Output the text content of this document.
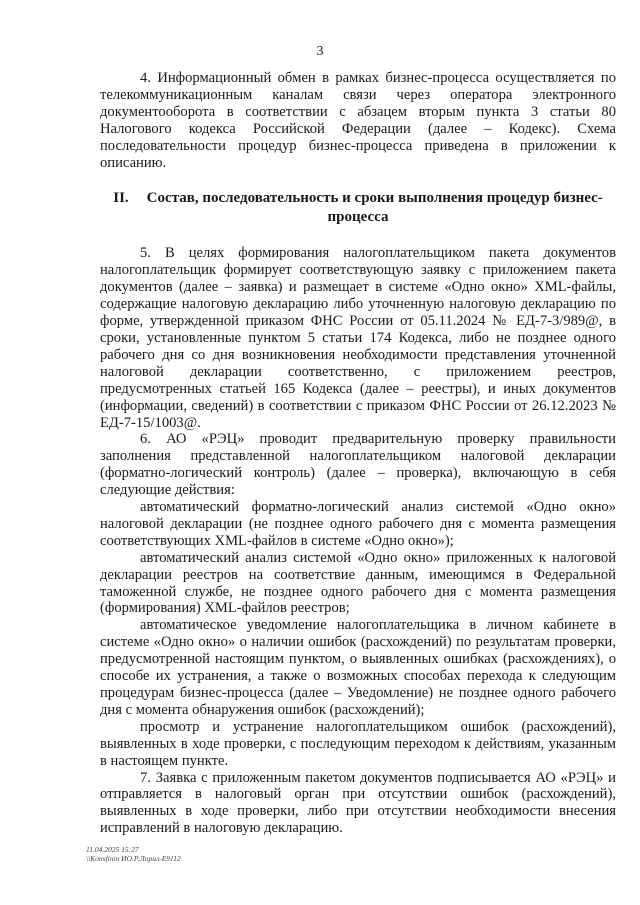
3

4. Информационный обмен в рамках бизнес-процесса осуществляется по телекоммуникационным каналам связи через оператора электронного документооборота в соответствии с абзацем вторым пункта 3 статьи 80 Налогового кодекса Российской Федерации (далее – Кодекс). Схема последовательности процедур бизнес-процесса приведена в приложении к описанию.

II. Состав, последовательность и сроки выполнения процедур бизнес-процесса

5. В целях формирования налогоплательщиком пакета документов налогоплательщик формирует соответствующую заявку с приложением пакета документов (далее – заявка) и размещает в системе «Одно окно» XML-файлы, содержащие налоговую декларацию либо уточненную налоговую декларацию по форме, утвержденной приказом ФНС России от 05.11.2024 № ЕД-7-3/989@, в сроки, установленные пунктом 5 статьи 174 Кодекса, либо не позднее одного рабочего дня со дня возникновения необходимости представления уточненной налоговой декларации соответственно, с приложением реестров, предусмотренных статьей 165 Кодекса (далее – реестры), и иных документов (информации, сведений) в соответствии с приказом ФНС России от 26.12.2023 № ЕД-7-15/1003@.

6. АО «РЭЦ» проводит предварительную проверку правильности заполнения представленной налогоплательщиком налоговой декларации (форматно-логический контроль) (далее – проверка), включающую в себя следующие действия:

автоматический форматно-логический анализ системой «Одно окно» налоговой декларации (не позднее одного рабочего дня с момента размещения соответствующих XML-файлов в системе «Одно окно»);

автоматический анализ системой «Одно окно» приложенных к налоговой декларации реестров на соответствие данным, имеющимся в Федеральной таможенной службе, не позднее одного рабочего дня с момента размещения (формирования) XML-файлов реестров;

автоматическое уведомление налогоплательщика в личном кабинете в системе «Одно окно» о наличии ошибок (расхождений) по результатам проверки, предусмотренной настоящим пунктом, о выявленных ошибках (расхождениях), о способе их устранения, а также о возможных способах перехода к следующим процедурам бизнес-процесса (далее – Уведомление) не позднее одного рабочего дня с момента обнаружения ошибок (расхождений);

просмотр и устранение налогоплательщиком ошибок (расхождений), выявленных в ходе проверки, с последующим переходом к действиям, указанным в настоящем пункте.

7. Заявка с приложенным пакетом документов подписывается АО «РЭЦ» и отправляется в налоговый орган при отсутствии ошибок (расхождений), выявленных в ходе проверки, либо при отсутствии необходимости внесения исправлений в налоговую декларацию.

11.04.2025 15:27
\\Konsfinin ИО.Р.Лприл-Е9112
